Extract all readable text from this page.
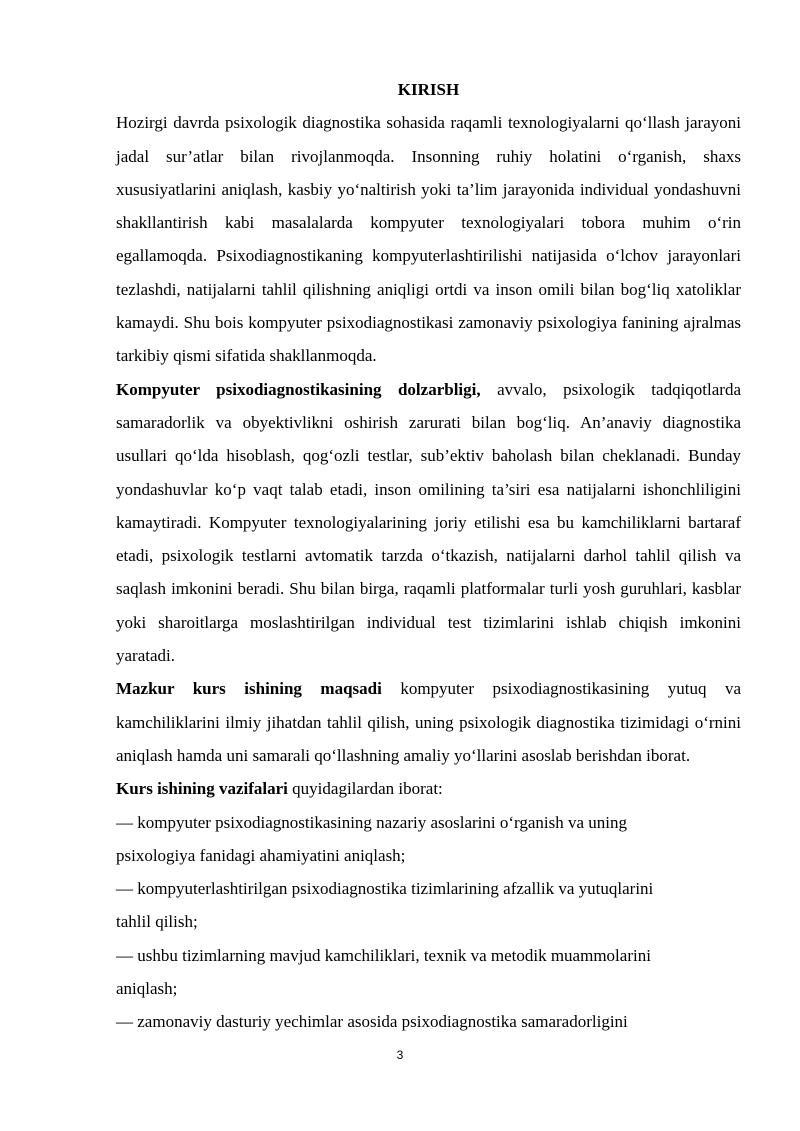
KIRISH

Hozirgi davrda psixologik diagnostika sohasida raqamli texnologiyalarni qo‘llash jarayoni jadal sur’atlar bilan rivojlanmoqda. Insonning ruhiy holatini o‘rganish, shaxs xususiyatlarini aniqlash, kasbiy yo‘naltirish yoki ta’lim jarayonida individual yondashuvni shakllantirish kabi masalalarda kompyuter texnologiyalari tobora muhim o‘rin egallamoqda. Psixodiagnostikaning kompyuterlashtirilishi natijasida o‘lchov jarayonlari tezlashdi, natijalarni tahlil qilishning aniqligi ortdi va inson omili bilan bog‘liq xatoliklar kamaydi. Shu bois kompyuter psixodiagnostikasi zamonaviy psixologiya fanining ajralmas tarkibiy qismi sifatida shakllanmoqda.

Kompyuter psixodiagnostikasining dolzarbligi, avvalo, psixologik tadqiqotlarda samaradorlik va obyektivlikni oshirish zarurati bilan bog‘liq. An’anaviy diagnostika usullari qo‘lda hisoblash, qog‘ozli testlar, sub’ektiv baholash bilan cheklanadi. Bunday yondashuvlar ko‘p vaqt talab etadi, inson omilining ta’siri esa natijalarni ishonchliligini kamaytiradi. Kompyuter texnologiyalarining joriy etilishi esa bu kamchiliklarni bartaraf etadi, psixologik testlarni avtomatik tarzda o‘tkazish, natijalarni darhol tahlil qilish va saqlash imkonini beradi. Shu bilan birga, raqamli platformalar turli yosh guruhlari, kasblar yoki sharoitlarga moslashtirilgan individual test tizimlarini ishlab chiqish imkonini yaratadi.

Mazkur kurs ishining maqsadi kompyuter psixodiagnostikasining yutuq va kamchiliklarini ilmiy jihatdan tahlil qilish, uning psixologik diagnostika tizimidagi o‘rnini aniqlash hamda uni samarali qo‘llashning amaliy yo‘llarini asoslab berishdan iborat.

Kurs ishining vazifalari quyidagilardan iborat:

— kompyuter psixodiagnostikasining nazariy asoslarini o‘rganish va uning psixologiya fanidagi ahamiyatini aniqlash;

— kompyuterlashtirilgan psixodiagnostika tizimlarining afzallik va yutuqlarini tahlil qilish;

— ushbu tizimlarning mavjud kamchiliklari, texnik va metodik muammolarini aniqlash;

— zamonaviy dasturiy yechimlar asosida psixodiagnostika samaradorligini

3
